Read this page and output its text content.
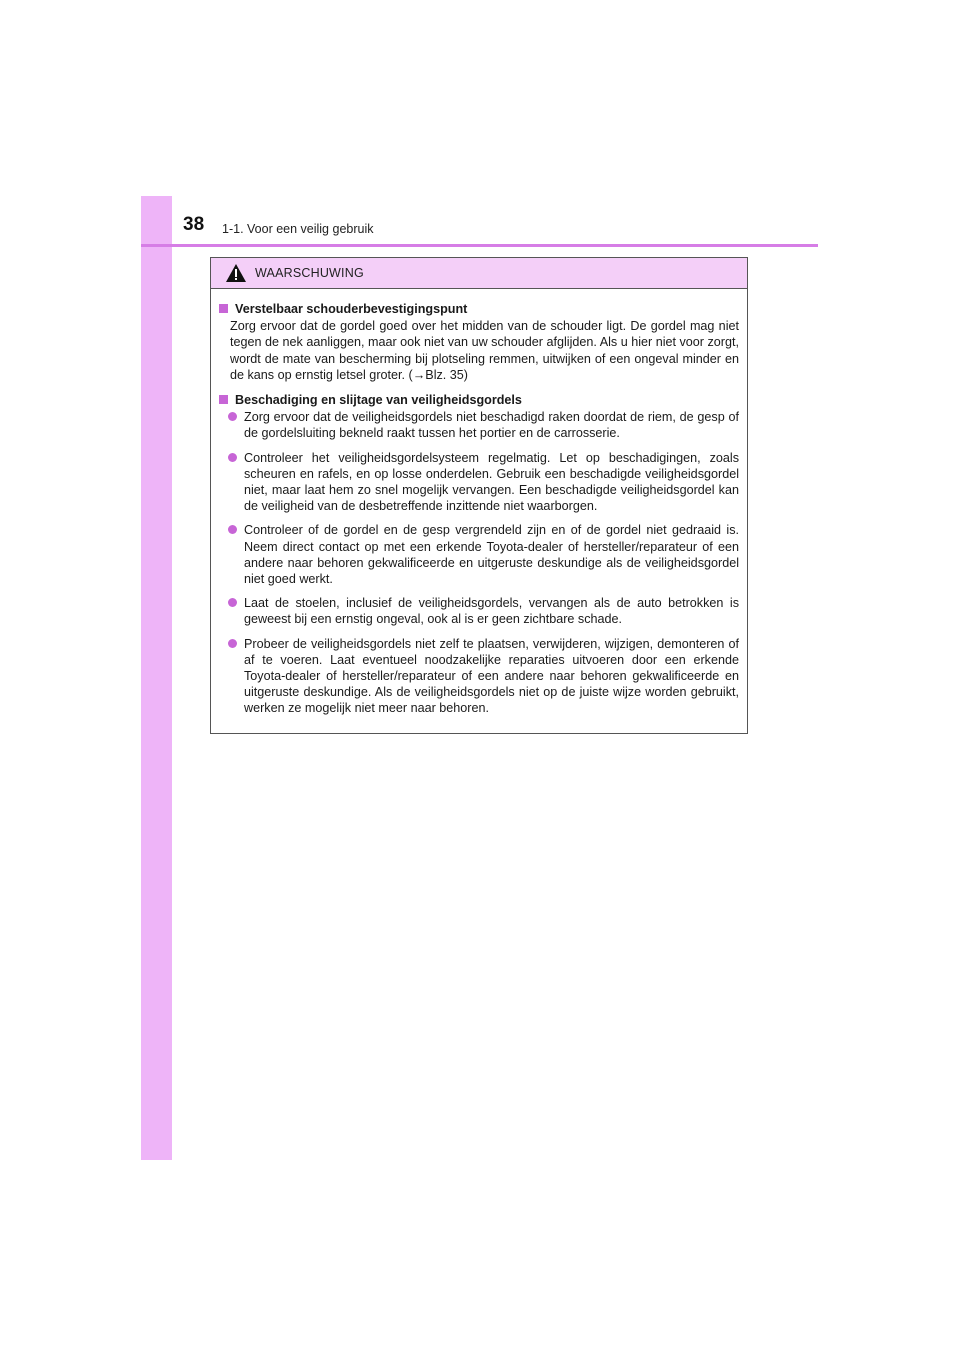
38 1-1. Voor een veilig gebruik
WAARSCHUWING
Verstelbaar schouderbevestigingspunt
Zorg ervoor dat de gordel goed over het midden van de schouder ligt. De gordel mag niet tegen de nek aanliggen, maar ook niet van uw schouder afglijden. Als u hier niet voor zorgt, wordt de mate van bescherming bij plotseling remmen, uitwijken of een ongeval minder en de kans op ernstig letsel groter. (→Blz. 35)
Beschadiging en slijtage van veiligheidsgordels
Zorg ervoor dat de veiligheidsgordels niet beschadigd raken doordat de riem, de gesp of de gordelsluiting bekneld raakt tussen het portier en de carrosserie.
Controleer het veiligheidsgordelsysteem regelmatig. Let op beschadigingen, zoals scheuren en rafels, en op losse onderdelen. Gebruik een beschadigde veiligheidsgordel niet, maar laat hem zo snel mogelijk vervangen. Een beschadigde veiligheidsgordel kan de veiligheid van de desbetreffende inzittende niet waarborgen.
Controleer of de gordel en de gesp vergrendeld zijn en of de gordel niet gedraaid is. Neem direct contact op met een erkende Toyota-dealer of hersteller/reparateur of een andere naar behoren gekwalificeerde en uitgeruste deskundige als de veiligheidsgordel niet goed werkt.
Laat de stoelen, inclusief de veiligheidsgordels, vervangen als de auto betrokken is geweest bij een ernstig ongeval, ook al is er geen zichtbare schade.
Probeer de veiligheidsgordels niet zelf te plaatsen, verwijderen, wijzigen, demonteren of af te voeren. Laat eventueel noodzakelijke reparaties uitvoeren door een erkende Toyota-dealer of hersteller/reparateur of een andere naar behoren gekwalificeerde en uitgeruste deskundige. Als de veiligheidsgordels niet op de juiste wijze worden gebruikt, werken ze mogelijk niet meer naar behoren.
